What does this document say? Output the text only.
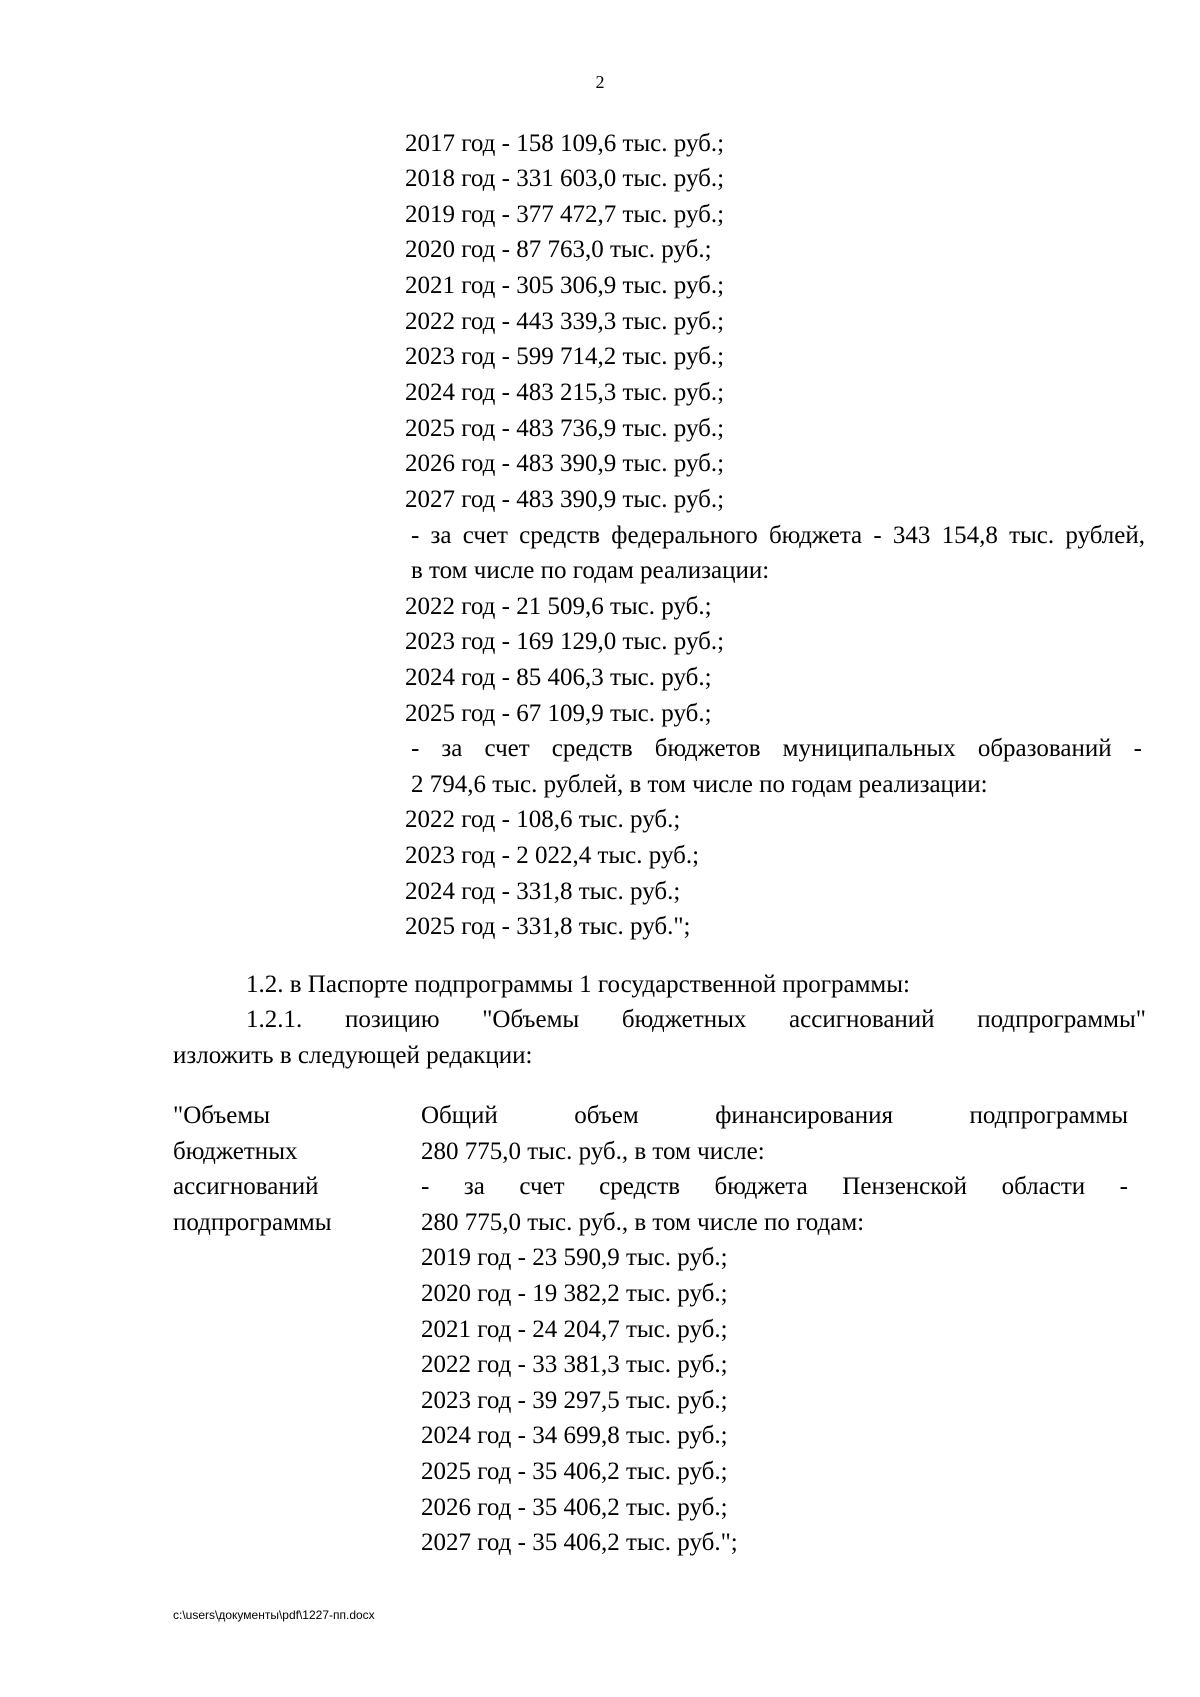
2
2017 год - 158 109,6 тыс. руб.;
2018 год - 331 603,0 тыс. руб.;
2019 год - 377 472,7 тыс. руб.;
2020 год - 87 763,0 тыс. руб.;
2021 год - 305 306,9 тыс. руб.;
2022 год - 443 339,3 тыс. руб.;
2023 год - 599 714,2 тыс. руб.;
2024 год - 483 215,3 тыс. руб.;
2025 год - 483 736,9 тыс. руб.;
2026 год - 483 390,9 тыс. руб.;
2027 год - 483 390,9 тыс. руб.;
- за счет средств федерального бюджета - 343 154,8 тыс. рублей,
в том числе по годам реализации:
2022 год - 21 509,6 тыс. руб.;
2023 год - 169 129,0 тыс. руб.;
2024 год - 85 406,3 тыс. руб.;
2025 год - 67 109,9 тыс. руб.;
- за счет средств бюджетов муниципальных образований -
2 794,6 тыс. рублей, в том числе по годам реализации:
2022 год - 108,6 тыс. руб.;
2023 год - 2 022,4 тыс. руб.;
2024 год - 331,8 тыс. руб.;
2025 год - 331,8 тыс. руб.";
1.2. в Паспорте подпрограммы 1 государственной программы:
1.2.1. позицию "Объемы бюджетных ассигнований подпрограммы"
изложить в следующей редакции:
"Объемы
бюджетных
ассигнований
подпрограммы
Общий объем финансирования подпрограммы
280 775,0 тыс. руб., в том числе:
- за счет средств бюджета Пензенской области -
280 775,0 тыс. руб., в том числе по годам:
2019 год - 23 590,9 тыс. руб.;
2020 год - 19 382,2 тыс. руб.;
2021 год - 24 204,7 тыс. руб.;
2022 год - 33 381,3 тыс. руб.;
2023 год - 39 297,5 тыс. руб.;
2024 год - 34 699,8 тыс. руб.;
2025 год - 35 406,2 тыс. руб.;
2026 год - 35 406,2 тыс. руб.;
2027 год - 35 406,2 тыс. руб.";
c:\users\документы\pdf\1227-пп.docx
